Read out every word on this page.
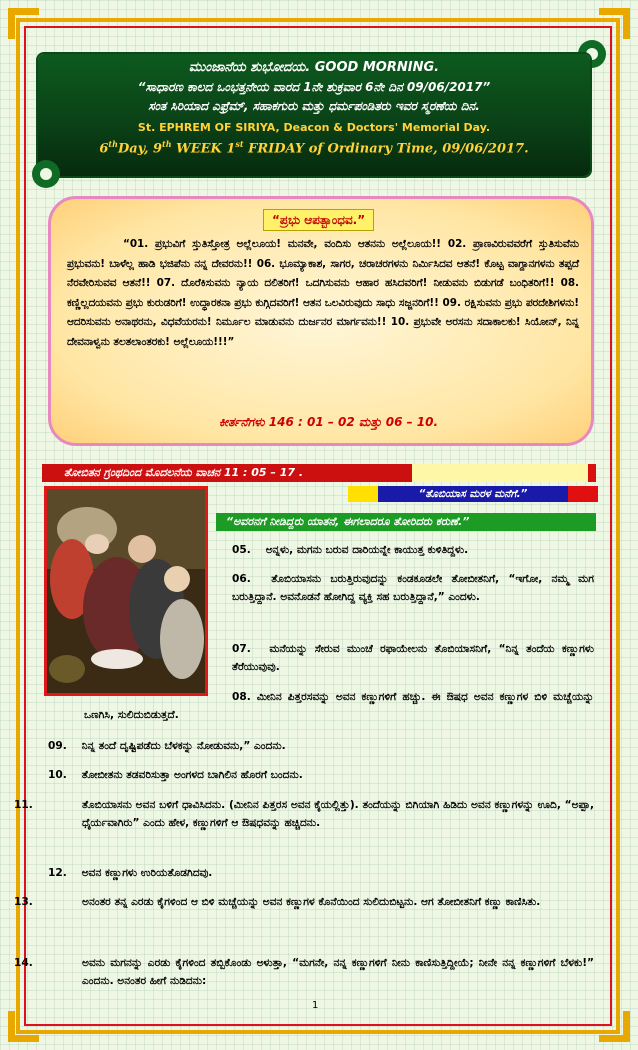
ಮುಂಜಾನೆಯ ಶುಭೋದಯ. GOOD MORNING.
“ಸಾಧಾರಣ ಕಾಲದ ಒಂಭತ್ತನೇಯ ವಾರದ 1ನೇ ಶುಕ್ರವಾರ 6ನೇ ದಿನ 09/06/2017”
ಸಂತ ಸಿರಿಯಾದ ಎಫ್ರೆಮ್, ಸಹಾಕಗುರು ಮತ್ತು ಧರ್ಮಪಂಡಿತರು ಇವರ ಸ್ಮರಣೆಯ ದಿನ.
St. EPHREM OF SIRIYA, Deacon & Doctors' Memorial Day.
6thDay, 9th WEEK 1st FRIDAY of Ordinary Time, 09/06/2017.
“ಪ್ರಭು ಆಪತ್ಬಾಂಧವ.”
“01. ಪ್ರಭುವಿಗೆ ಸ್ತುತಿಸ್ತೋತ್ರ ಅಲ್ಲೆಲೂಯ! ಮನವೇ, ವಂದಿಸು ಆತನನು ಅಲ್ಲೆಲೂಯ!! 02. ಪ್ರಾಣವಿರುವವರೆಗೆ ಸ್ತುತಿಸುವೆನು ಪ್ರಭುವನು! ಬಾಳೆಲ್ಲ ಹಾಡಿ ಭಜಿಪೆನು ನನ್ನ ದೇವರನು!! 06. ಭೂಮ್ಯಾಕಾಶ, ಸಾಗರ, ಚರಾಚರಗಳನು ನಿರ್ಮಿಸಿದವ ಆತನೆ! ಕೊಟ್ಟ ವಾಗ್ದಾನಗಳನು ತಪ್ಪದೆ ನೆರವೇರಿಸುವವ ಆತನೆ!! 07. ದೊರೆಕಿಸುವನು ನ್ಯಾಯ ದಲಿತರಿಗೆ! ಒದಗಿಸುವನು ಆಹಾರ ಹಸಿದವರಿಗೆ! ನೀಡುವನು ಬಿಡುಗಡೆ ಬಂಧಿತರಿಗೆ!! 08. ಕಣ್ಣಿಲ್ಲದಯವನು ಪ್ರಭು ಕುರುಡರಿಗೆ! ಉದ್ಧಾರಕನಾ ಪ್ರಭು ಕುಗ್ಗಿದವರಿಗೆ! ಆತನ ಒಲವಿರುವುದು ಸಾಧು ಸಜ್ಜನರಿಗೆ!! 09. ರಕ್ಷಿಸುವನು ಪ್ರಭು ಪರದೇಶಿಗಳನು! ಆದರಿಸುವನು ಅನಾಥರನು, ವಿಧವೆಯರನು! ನಿರ್ಮೂಲ ಮಾಡುವನು ದುರ್ಜನರ ಮಾರ್ಗವನು!! 10. ಪ್ರಭುವೇ ಅರಸನು ಸದಾಕಾಲಕು! ಸಿಯೋನ್, ನಿನ್ನ ದೇವನಾಳ್ವನು ತಲತಲಾಂತರಕು! ಅಲ್ಲೆಲೂಯ!!!”
ಕೀರ್ತನೆಗಳು 146 : 01 – 02 ಮತ್ತು 06 – 10.
ತೋಬಿತನ ಗ್ರಂಥದಿಂದ ಮೊದಲನೆಯ ವಾಚನ 11 : 05 – 17 .
“ತೊಬಿಯಾಸ ಮರಳ ಮನೆಗೆ.”
“ಅವರನಗೆ ನೀಡಿದ್ದರು ಯಾತನೆ, ಈಗಲಾದರೂ ತೋರಿದರು ಕರುಣೆ.”
05. ಅನ್ನಳು, ಮಗನು ಬರುವ ದಾರಿಯನ್ನೇ ಕಾಯುತ್ತ ಕುಳಿತಿದ್ದಳು.
06. ತೊಬಿಯಾಸನು ಬರುತ್ತಿರುವುದನ್ನು ಕಂಡಕೂಡಲೇ ತೋಬೀತನಿಗೆ, “ಇಗೋ, ನಮ್ಮ ಮಗ ಬರುತ್ತಿದ್ದಾನೆ. ಅವನೊಡನೆ ಹೋಗಿದ್ದ ವ್ಯಕ್ತಿ ಸಹ ಬರುತ್ತಿದ್ದಾನೆ,” ಎಂದಳು.
07. ಮನೆಯನ್ನು ಸೇರುವ ಮುಂಚೆ ರಫಾಯೇಲನು ತೊಬಿಯಾಸನಿಗೆ, “ನಿನ್ನ ತಂದೆಯ ಕಣ್ಣುಗಳು ತೆರೆಯುವುವು.
08. ಮೀನಿನ ಪಿತ್ತರಸವನ್ನು ಅವನ ಕಣ್ಣುಗಳಿಗೆ ಹಚ್ಚು. ಈ ಔಷಧ ಅವನ ಕಣ್ಣುಗಳ ಬಿಳಿ ಮಚ್ಚೆಯನ್ನು ಒಣಗಿಸಿ, ಸುಲಿದುಬಿಡುತ್ತದೆ.
09. ನಿನ್ನ ತಂದೆ ದೃಷ್ಟಿಪಡೆದು ಬೆಳಕನ್ನು ನೋಡುವನು,” ಎಂದನು.
10. ತೋಬೀತನು ತಡವರಿಸುತ್ತಾ ಅಂಗಳದ ಬಾಗಿಲಿನ ಹೊರಗೆ ಬಂದನು.
11.	ತೊಬಿಯಾಸನು ಅವನ ಬಳಿಗೆ ಧಾವಿಸಿದನು. (ಮೀನಿನ ಪಿತ್ತರಸ ಅವನ ಕೈಯಲ್ಲಿತ್ತು). ತಂದೆಯನ್ನು ಬಿಗಿಯಾಗಿ ಹಿಡಿದು ಅವನ ಕಣ್ಣುಗಳನ್ನು ಊದಿ, “ಅಪ್ಪಾ, ಧೈರ್ಯವಾಗಿರು” ಎಂದು ಹೇಳ, ಕಣ್ಣುಗಳಿಗೆ ಆ ಔಷಧವನ್ನು ಹಚ್ಚಿದನು.
12. ಅವನ ಕಣ್ಣುಗಳು ಉರಿಯತೊಡಗಿದವು.
13.	ಅನಂತರ ತನ್ನ ಎರಡು ಕೈಗಳಿಂದ ಆ ಬಿಳಿ ಮಚ್ಚೆಯನ್ನು ಅವನ ಕಣ್ಣುಗಳ ಕೊನೆಯಿಂದ ಸುಲಿದುಬಿಟ್ಟನು. ಆಗ ತೋಬೀತನಿಗೆ ಕಣ್ಣು ಕಾಣಿಸಿತು.
14.	ಅವನು ಮಗನನ್ನು ಎರಡು ಕೈಗಳಿಂದ ತಬ್ಬಿಕೊಂಡು ಅಳುತ್ತಾ, “ಮಗನೇ, ನನ್ನ ಕಣ್ಣುಗಳಿಗೆ ನೀನು ಕಾಣಿಸುತ್ತಿದ್ದೀಯೆ; ನೀನೇ ನನ್ನ ಕಣ್ಣುಗಳಿಗೆ ಬೆಳಕು!” ಎಂದನು. ಅನಂತರ ಹೀಗೆ ನುಡಿದನು:
1
